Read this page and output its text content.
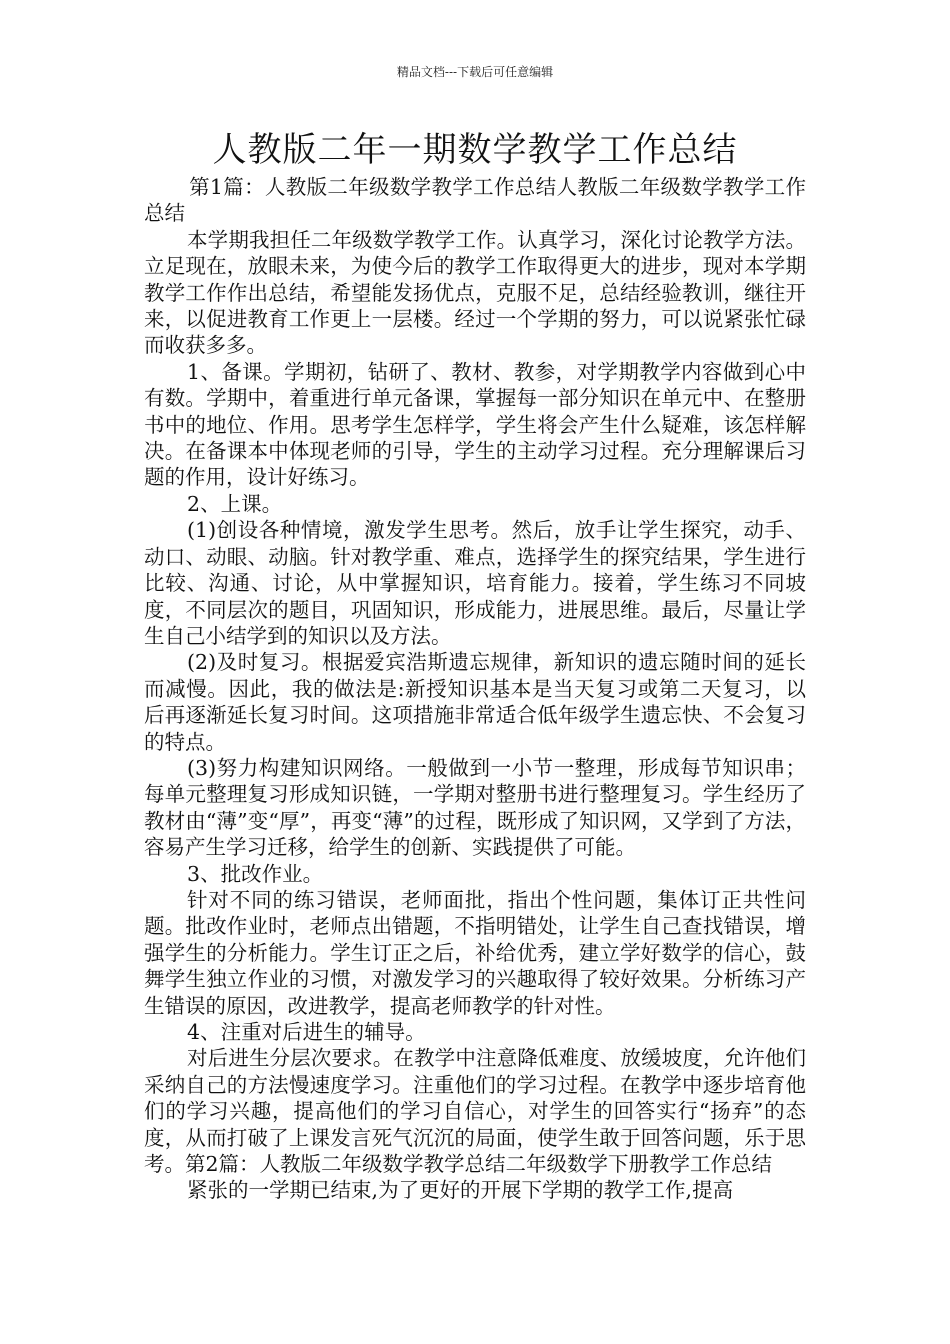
精品文档---下载后可任意编辑
人教版二年一期数学教学工作总结

第1篇：人教版二年级数学教学工作总结人教版二年级数学教学工作总结

本学期我担任二年级数学教学工作。认真学习，深化讨论教学方法。立足现在，放眼未来，为使今后的教学工作取得更大的进步，现对本学期教学工作作出总结，希望能发扬优点，克服不足，总结经验教训，继往开来，以促进教育工作更上一层楼。经过一个学期的努力，可以说紧张忙碌而收获多多。

1、备课。学期初，钻研了、教材、教参，对学期教学内容做到心中有数。学期中，着重进行单元备课，掌握每一部分知识在单元中、在整册书中的地位、作用。思考学生怎样学，学生将会产生什么疑难，该怎样解决。在备课本中体现老师的引导，学生的主动学习过程。充分理解课后习题的作用，设计好练习。

2、上课。

(1)创设各种情境，激发学生思考。然后，放手让学生探究，动手、动口、动眼、动脑。针对教学重、难点，选择学生的探究结果，学生进行比较、沟通、讨论，从中掌握知识，培育能力。接着，学生练习不同坡度，不同层次的题目，巩固知识，形成能力，进展思维。最后，尽量让学生自己小结学到的知识以及方法。

(2)及时复习。根据爱宾浩斯遗忘规律，新知识的遗忘随时间的延长而减慢。因此，我的做法是:新授知识基本是当天复习或第二天复习，以后再逐渐延长复习时间。这项措施非常适合低年级学生遗忘快、不会复习的特点。

(3)努力构建知识网络。一般做到一小节一整理，形成每节知识串；每单元整理复习形成知识链，一学期对整册书进行整理复习。学生经历了教材由“薄”变“厚”，再变“薄”的过程，既形成了知识网，又学到了方法，容易产生学习迁移，给学生的创新、实践提供了可能。

3、批改作业。

针对不同的练习错误，老师面批，指出个性问题，集体订正共性问题。批改作业时，老师点出错题，不指明错处，让学生自己查找错误，增强学生的分析能力。学生订正之后，补给优秀，建立学好数学的信心，鼓舞学生独立作业的习惯，对激发学习的兴趣取得了较好效果。分析练习产生错误的原因，改进教学，提高老师教学的针对性。

4、注重对后进生的辅导。

对后进生分层次要求。在教学中注意降低难度、放缓坡度，允许他们采纳自己的方法慢速度学习。注重他们的学习过程。在教学中逐步培育他们的学习兴趣，提高他们的学习自信心，对学生的回答实行“扬弃”的态度，从而打破了上课发言死气沉沉的局面，使学生敢于回答问题，乐于思考。第2篇：人教版二年级数学教学总结二年级数学下册教学工作总结

紧张的一学期已结束,为了更好的开展下学期的教学工作,提高
